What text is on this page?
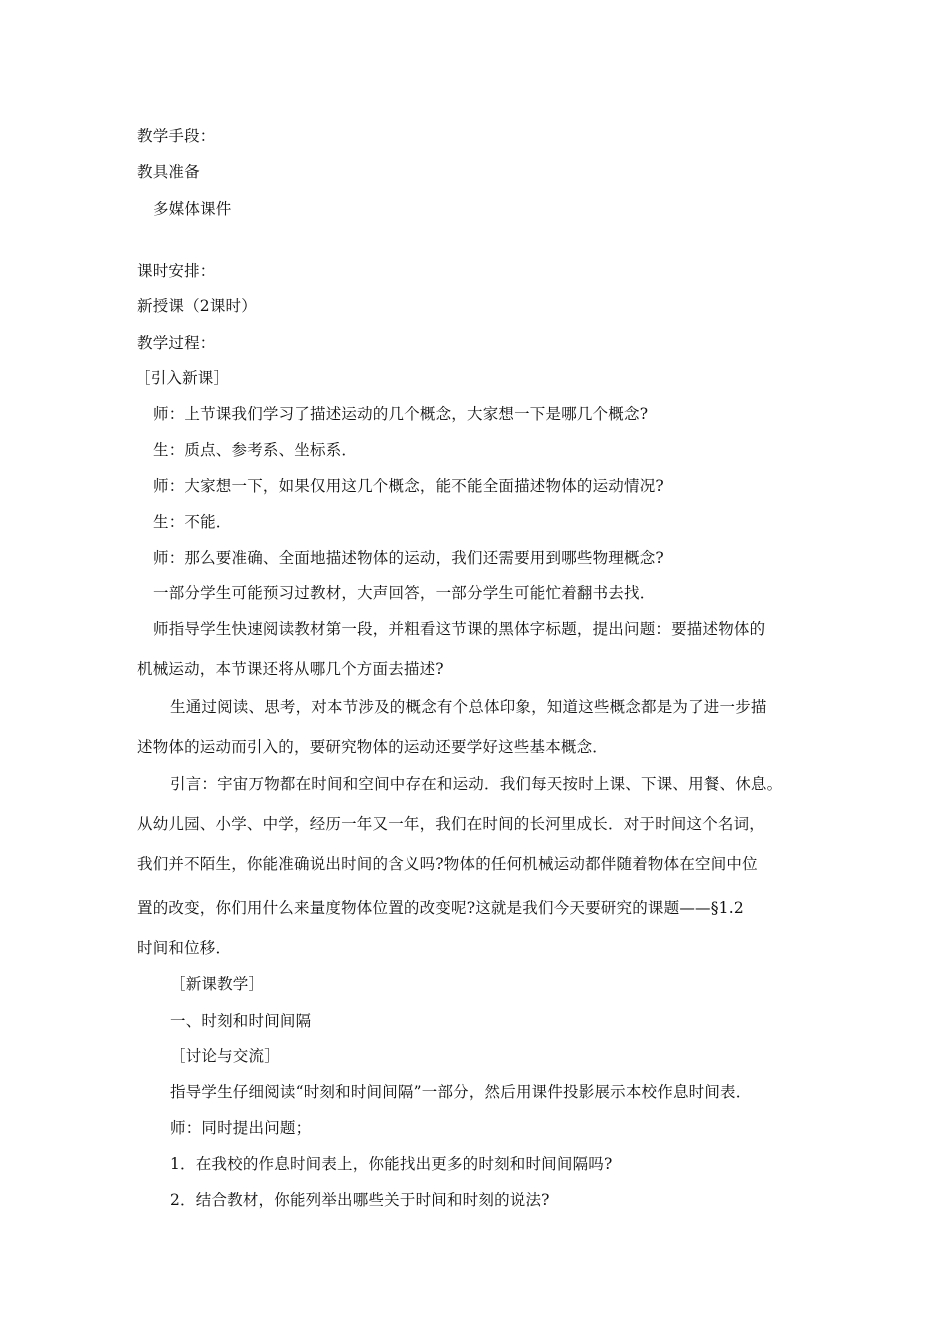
教学手段：
教具准备
多媒体课件
课时安排：
新授课（2课时）
教学过程：
［引入新课］
师：上节课我们学习了描述运动的几个概念，大家想一下是哪几个概念?
生：质点、参考系、坐标系．
师：大家想一下，如果仅用这几个概念，能不能全面描述物体的运动情况?
生：不能．
师：那么要准确、全面地描述物体的运动，我们还需要用到哪些物理概念?
一部分学生可能预习过教材，大声回答，一部分学生可能忙着翻书去找．
师指导学生快速阅读教材第一段，并粗看这节课的黑体字标题，提出问题：要描述物体的
机械运动，本节课还将从哪几个方面去描述?
生通过阅读、思考，对本节涉及的概念有个总体印象，知道这些概念都是为了进一步描
述物体的运动而引入的，要研究物体的运动还要学好这些基本概念．
引言：宇宙万物都在时间和空间中存在和运动．我们每天按时上课、下课、用餐、休息。
从幼儿园、小学、中学，经历一年又一年，我们在时间的长河里成长．对于时间这个名词，
我们并不陌生，你能准确说出时间的含义吗?物体的任何机械运动都伴随着物体在空间中位
置的改变，你们用什么来量度物体位置的改变呢?这就是我们今天要研究的课题——§1.2
时间和位移．
［新课教学］
一、时刻和时间间隔
［讨论与交流］
指导学生仔细阅读“时刻和时间间隔”一部分，然后用课件投影展示本校作息时间表．
师：同时提出问题；
1．在我校的作息时间表上，你能找出更多的时刻和时间间隔吗?
2．结合教材，你能列举出哪些关于时间和时刻的说法?
